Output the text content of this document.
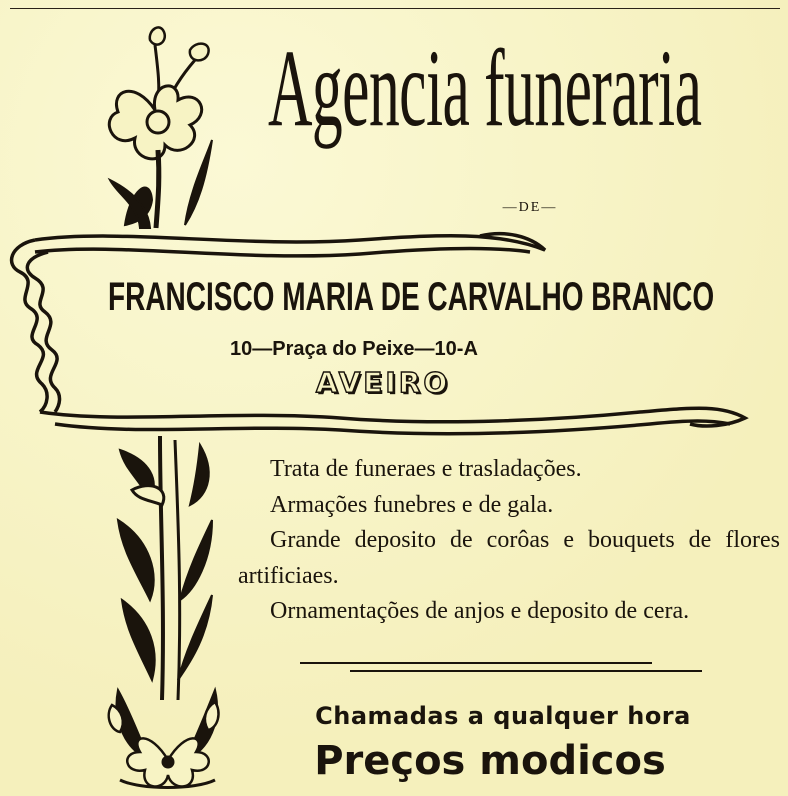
Agencia funeraria
—DE—
FRANCISCO MARIA DE CARVALHO BRANCO
10—Praça do Peixe—10-A
AVEIRO

Trata de funeraes e trasladações.

Armações funebres e de gala.

Grande deposito de corôas e bouquets de flores artificiaes.

Ornamentações de anjos e deposito de cera.

Chamadas a qualquer hora
Preços modicos
